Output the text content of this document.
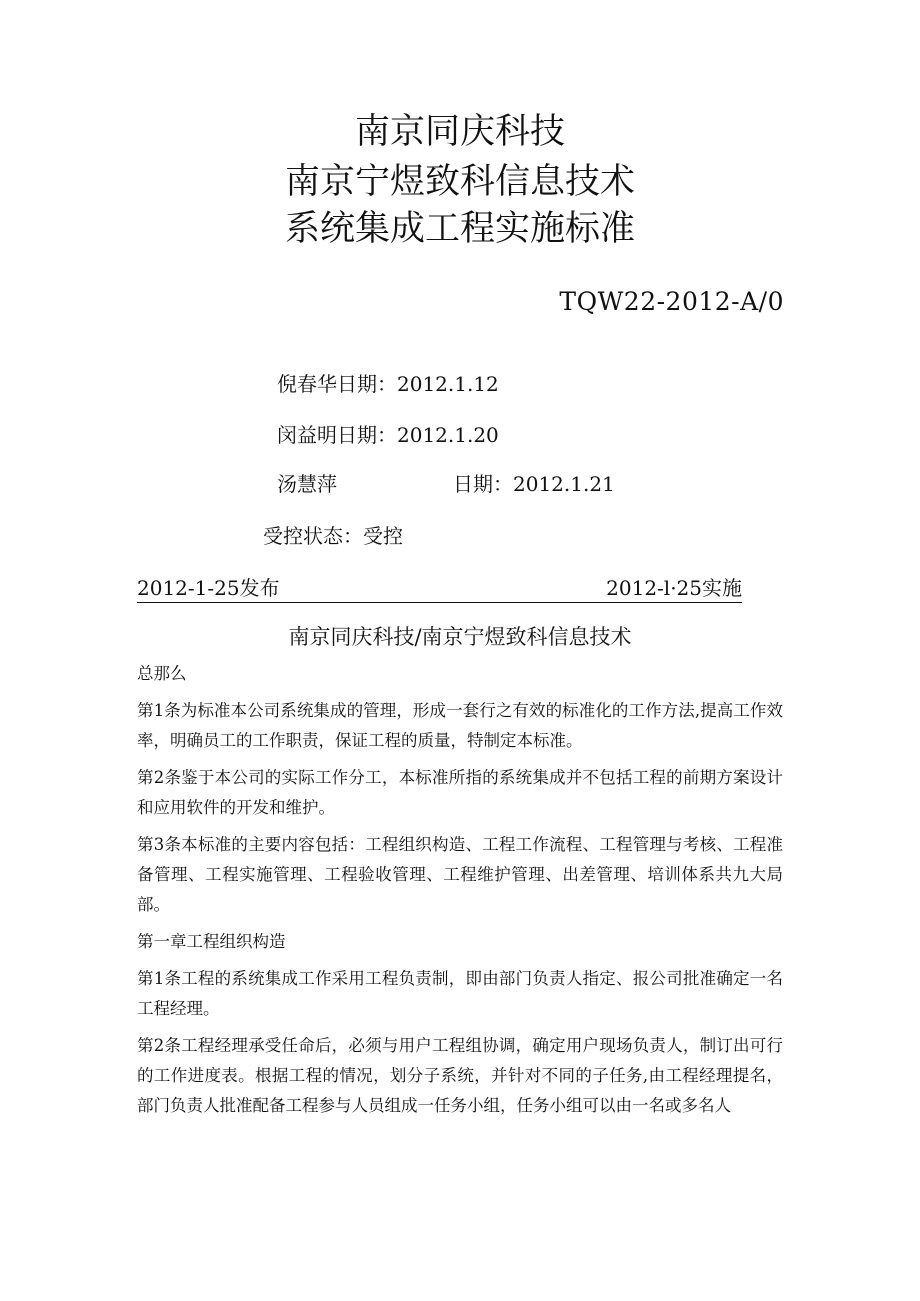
南京同庆科技
南京宁煜致科信息技术
系统集成工程实施标准
TQW22-2012-A/0
倪春华日期：2012.1.12
闵益明日期：2012.1.20
汤慧萍	日期：2012.1.21
受控状态：受控
2012-1-25发布	2012-l·25实施
南京同庆科技/南京宁煜致科信息技术

总那么

第1条为标准本公司系统集成的管理，形成一套行之有效的标准化的工作方法,提高工作效率，明确员工的工作职责，保证工程的质量，特制定本标准。

第2条鉴于本公司的实际工作分工，本标准所指的系统集成并不包括工程的前期方案设计和应用软件的开发和维护。

第3条本标准的主要内容包括：工程组织构造、工程工作流程、工程管理与考核、工程准备管理、工程实施管理、工程验收管理、工程维护管理、出差管理、培训体系共九大局部。

第一章工程组织构造

第1条工程的系统集成工作采用工程负责制，即由部门负责人指定、报公司批准确定一名工程经理。

第2条工程经理承受任命后，必须与用户工程组协调，确定用户现场负责人，制订出可行的工作进度表。根据工程的情况，划分子系统，并针对不同的子任务,由工程经理提名，部门负责人批准配备工程参与人员组成一任务小组，任务小组可以由一名或多名人
